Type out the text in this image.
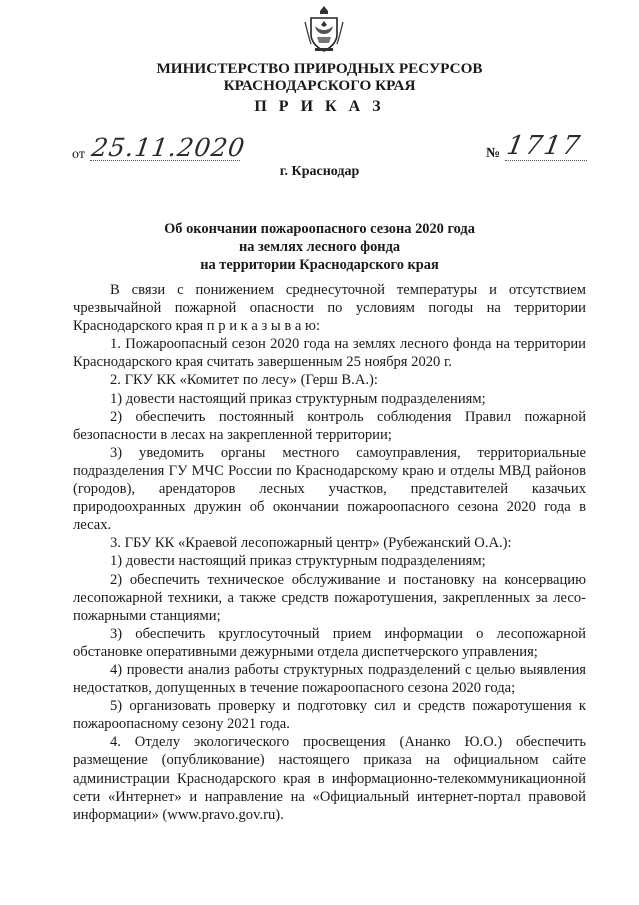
МИНИСТЕРСТВО ПРИРОДНЫХ РЕСУРСОВ
КРАСНОДАРСКОГО КРАЯ
П Р И К А З
от 25.11.2020	№ 1717
г. Краснодар
Об окончании пожароопасного сезона 2020 года
на землях лесного фонда
на территории Краснодарского края

В связи с понижением среднесуточной температуры и отсутствием чрезвычайной пожарной опасности по условиям погоды на территории Краснодарского края п р и к а з ы в а ю:

1. Пожароопасный сезон 2020 года на землях лесного фонда на территории Краснодарского края считать завершенным 25 ноября 2020 г.

2. ГКУ КК «Комитет по лесу» (Герш В.А.):

1) довести настоящий приказ структурным подразделениям;

2) обеспечить постоянный контроль соблюдения Правил пожарной безопасности в лесах на закрепленной территории;

3) уведомить органы местного самоуправления, территориальные подразделения ГУ МЧС России по Краснодарскому краю и отделы МВД районов (городов), арендаторов лесных участков, представителей казачьих природоохранных дружин об окончании пожароопасного сезона 2020 года в лесах.

3. ГБУ КК «Краевой лесопожарный центр» (Рубежанский О.А.):

1) довести настоящий приказ структурным подразделениям;

2) обеспечить техническое обслуживание и постановку на консервацию лесопожарной техники, а также средств пожаротушения, закрепленных за лесо-пожарными станциями;

3) обеспечить круглосуточный прием информации о лесопожарной обстановке оперативными дежурными отдела диспетчерского управления;

4) провести анализ работы структурных подразделений с целью выявления недостатков, допущенных в течение пожароопасного сезона 2020 года;

5) организовать проверку и подготовку сил и средств пожаротушения к пожароопасному сезону 2021 года.

4. Отделу экологического просвещения (Ананко Ю.О.) обеспечить размещение (опубликование) настоящего приказа на официальном сайте администрации Краснодарского края в информационно-телекоммуникационной сети «Интернет» и направление на «Официальный интернет-портал правовой информации» (www.pravo.gov.ru).
